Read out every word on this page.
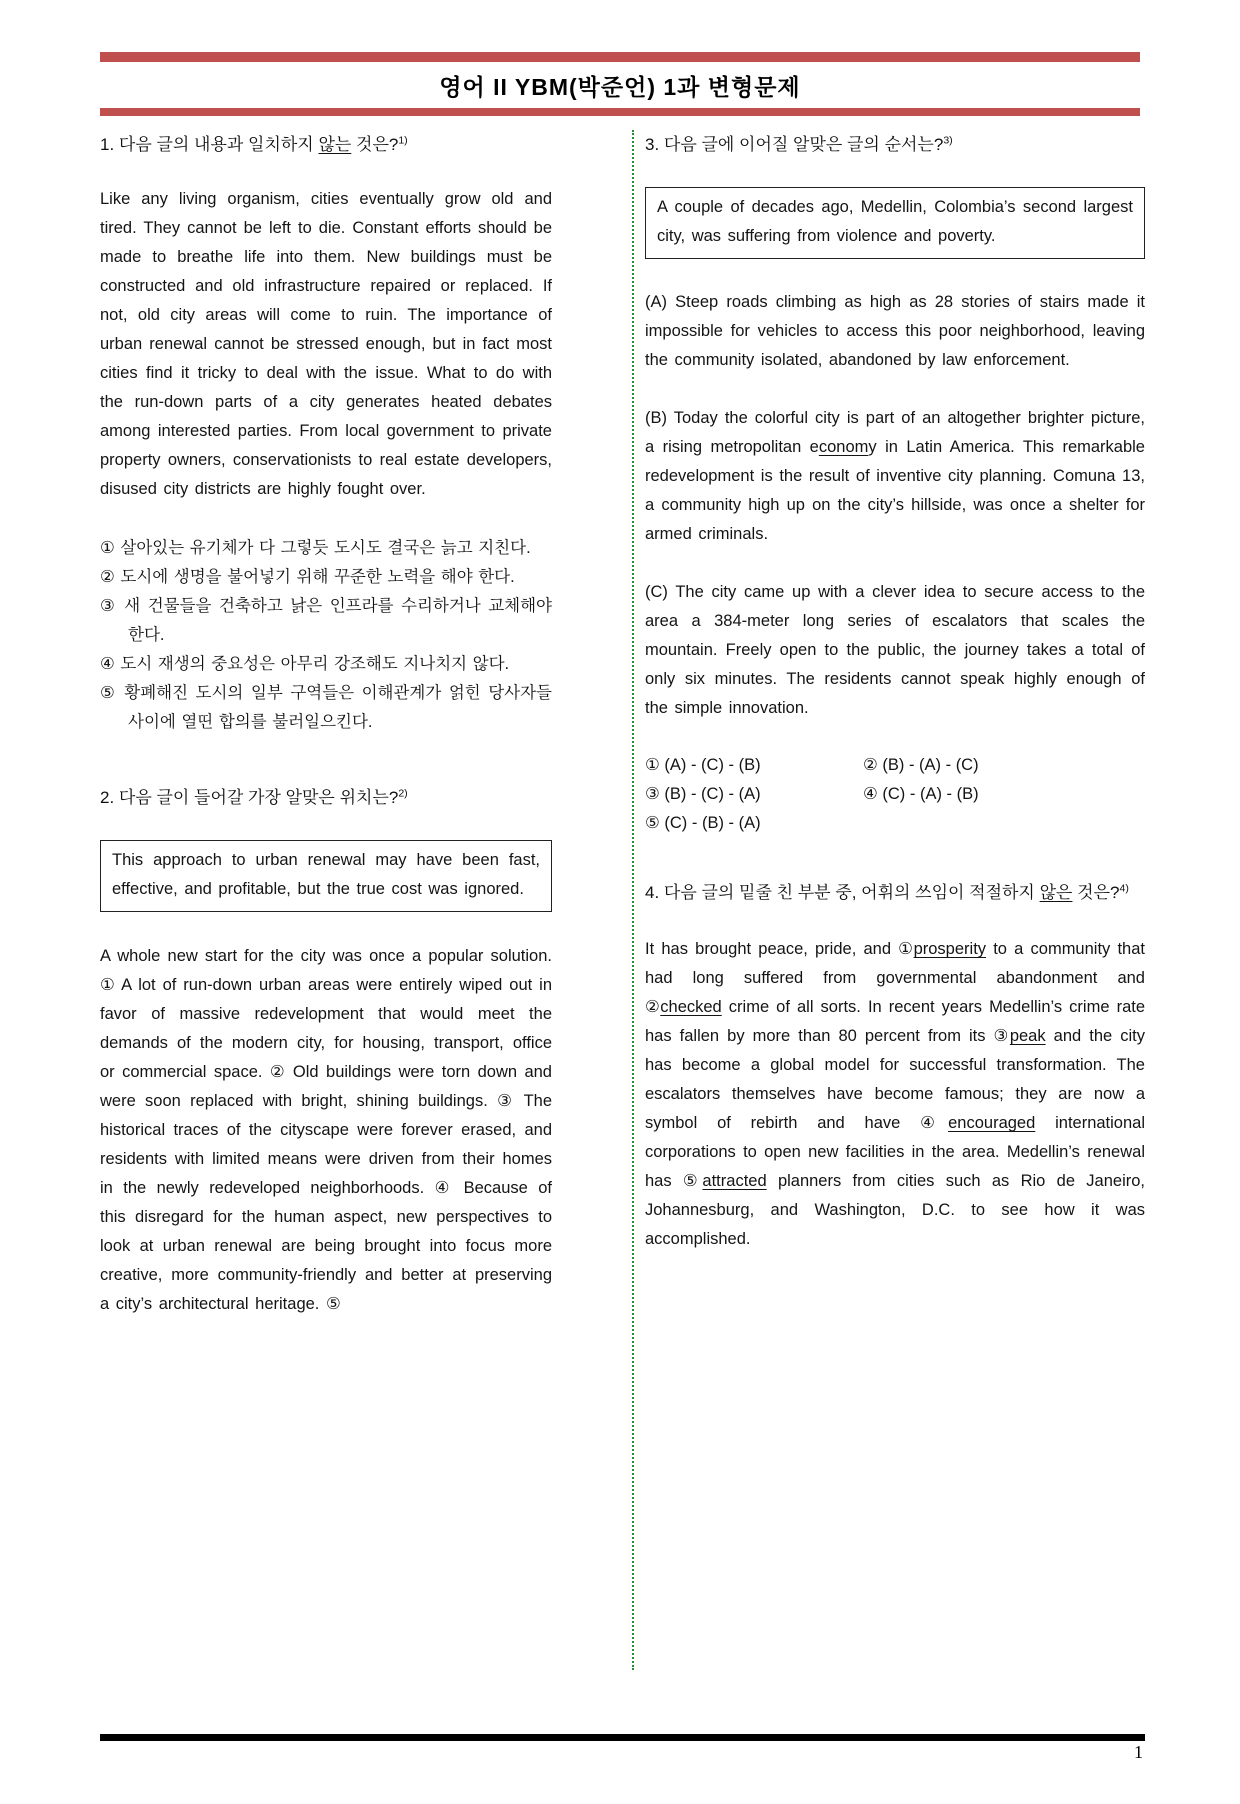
영어 II YBM(박준언) 1과 변형문제
1. 다음 글의 내용과 일치하지 않는 것은?$^{1)}$
Like any living organism, cities eventually grow old and tired. They cannot be left to die. Constant efforts should be made to breathe life into them. New buildings must be constructed and old infrastructure repaired or replaced. If not, old city areas will come to ruin. The importance of urban renewal cannot be stressed enough, but in fact most cities find it tricky to deal with the issue. What to do with the run-down parts of a city generates heated debates among interested parties. From local government to private property owners, conservationists to real estate developers, disused city districts are highly fought over.
① 살아있는 유기체가 다 그렇듯 도시도 결국은 늙고 지친다.
② 도시에 생명을 불어넣기 위해 꾸준한 노력을 해야 한다.
③ 새 건물들을 건축하고 낡은 인프라를 수리하거나 교체해야 한다.
④ 도시 재생의 중요성은 아무리 강조해도 지나치지 않다.
⑤ 황폐해진 도시의 일부 구역들은 이해관계가 얽힌 당사자들 사이에 열띤 합의를 불러일으킨다.
2. 다음 글이 들어갈 가장 알맞은 위치는?$^{2)}$
This approach to urban renewal may have been fast, effective, and profitable, but the true cost was ignored.
A whole new start for the city was once a popular solution. ① A lot of run-down urban areas were entirely wiped out in favor of massive redevelopment that would meet the demands of the modern city, for housing, transport, office or commercial space. ② Old buildings were torn down and were soon replaced with bright, shining buildings. ③ The historical traces of the cityscape were forever erased, and residents with limited means were driven from their homes in the newly redeveloped neighborhoods. ④ Because of this disregard for the human aspect, new perspectives to look at urban renewal are being brought into focus more creative, more community-friendly and better at preserving a city’s architectural heritage. ⑤
3. 다음 글에 이어질 알맞은 글의 순서는?$^{3)}$
A couple of decades ago, Medellin, Colombia’s second largest city, was suffering from violence and poverty.
(A) Steep roads climbing as high as 28 stories of stairs made it impossible for vehicles to access this poor neighborhood, leaving the community isolated, abandoned by law enforcement.
(B) Today the colorful city is part of an altogether brighter picture, a rising metropolitan economy in Latin America. This remarkable redevelopment is the result of inventive city planning. Comuna 13, a community high up on the city’s hillside, was once a shelter for armed criminals.
(C) The city came up with a clever idea to secure access to the area a 384-meter long series of escalators that scales the mountain. Freely open to the public, the journey takes a total of only six minutes. The residents cannot speak highly enough of the simple innovation.
① (A) - (C) - (B)	② (B) - (A) - (C)
③ (B) - (C) - (A)	④ (C) - (A) - (B)
⑤ (C) - (B) - (A)
4. 다음 글의 밑줄 친 부분 중, 어휘의 쓰임이 적절하지 않은 것은?$^{4)}$
It has brought peace, pride, and ①prosperity to a community that had long suffered from governmental abandonment and ②checked crime of all sorts. In recent years Medellin’s crime rate has fallen by more than 80 percent from its ③peak and the city has become a global model for successful transformation. The escalators themselves have become famous; they are now a symbol of rebirth and have ④encouraged international corporations to open new facilities in the area. Medellin’s renewal has ⑤attracted planners from cities such as Rio de Janeiro, Johannesburg, and Washington, D.C. to see how it was accomplished.
1
